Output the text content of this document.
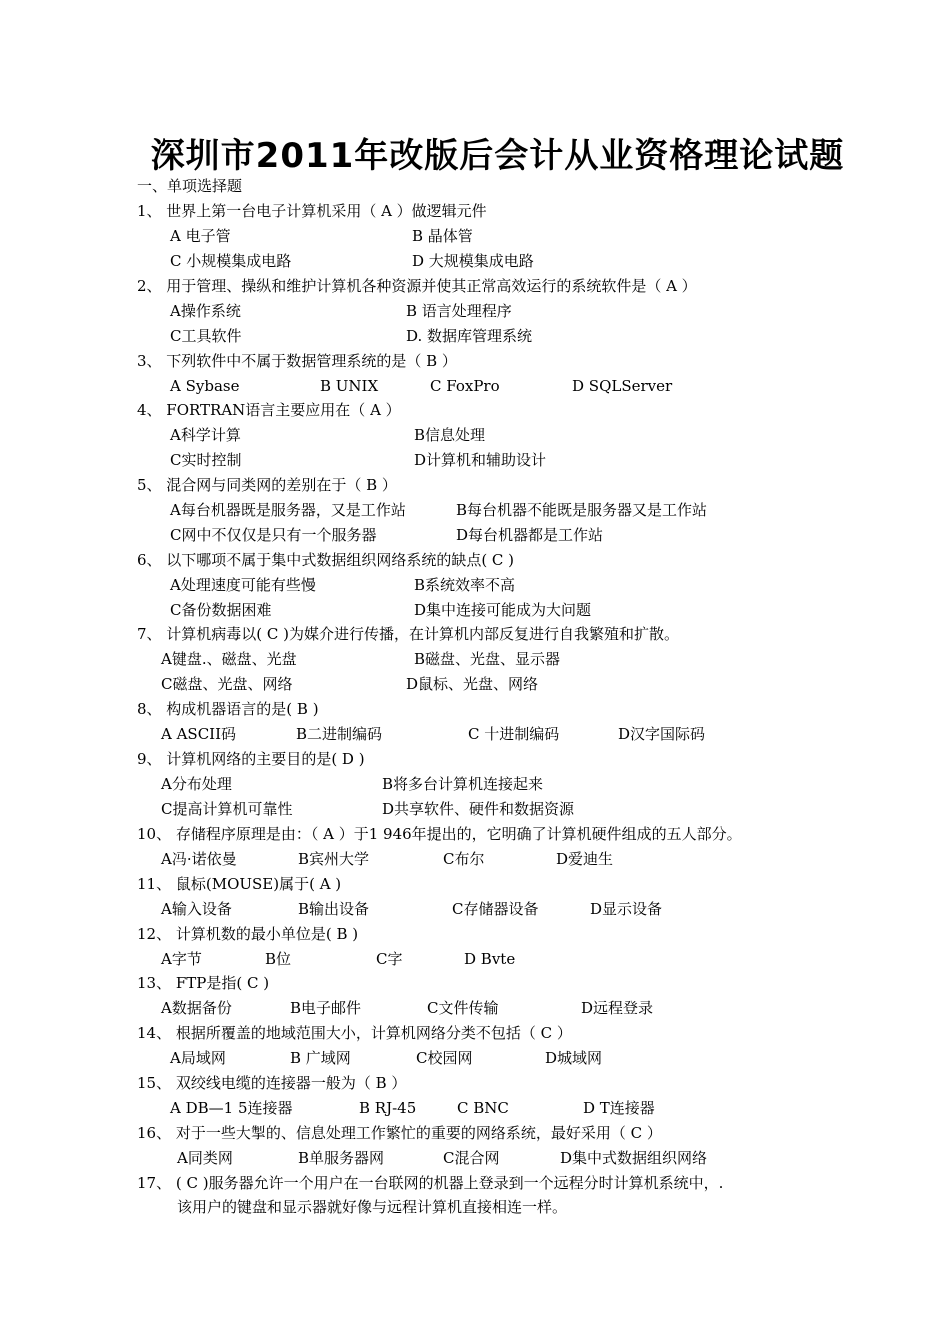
深圳市2011年改版后会计从业资格理论试题
一、单项选择题
1、 世界上第一台电子计算机采用（ A ）做逻辑元件
A 电子管	B 晶体管
C 小规模集成电路	D 大规模集成电路
2、 用于管理、操纵和维护计算机各种资源并使其正常高效运行的系统软件是（ A ）
A操作系统	B 语言处理程序
C工具软件	D. 数据库管理系统
3、 下列软件中不属于数据管理系统的是（ B ）
A Sybase	B UNIX	C FoxPro	D SQLServer
4、 FORTRAN语言主要应用在（ A ）
A科学计算	B信息处理
C实时控制	D计算机和辅助设计
5、 混合网与同类网的差别在于（ B ）
A每台机器既是服务器，又是工作站	B每台机器不能既是服务器又是工作站
C网中不仅仅是只有一个服务器	D每台机器都是工作站
6、 以下哪项不属于集中式数据组织网络系统的缺点( C )
A处理速度可能有些慢	B系统效率不高
C备份数据困难	D集中连接可能成为大问题
7、 计算机病毒以( C )为媒介进行传播，在计算机内部反复进行自我繁殖和扩散。
A键盘.、磁盘、光盘	B磁盘、光盘、显示器
C磁盘、光盘、网络	D鼠标、光盘、网络
8、 构成机器语言的是( B )
A ASCII码	B二进制编码	C 十进制编码	D汉字国际码
9、 计算机网络的主要目的是( D )
A分布处理	B将多台计算机连接起来
C提高计算机可靠性	D共享软件、硬件和数据资源
10、 存储程序原理是由：（ A ）于1 946年提出的，它明确了计算机硬件组成的五人部分。
A冯·诺依曼	B宾州大学	C布尔	D爱迪生
11、 鼠标(MOUSE)属于( A )
A输入设备	B输出设备	C存储器设备	D显示设备
12、 计算机数的最小单位是( B )
A字节	B位	C字	D Bvte
13、 FTP是指( C )
A数据备份	B电子邮件	C文件传输	D远程登录
14、 根据所覆盖的地域范围大小，计算机网络分类不包括（ C ）
A局域网	B 广域网	C校园网	D城域网
15、 双绞线电缆的连接器一般为（ B ）
A DB—1 5连接器	B RJ-45	C BNC	D T连接器
16、 对于一些大掣的、信息处理工作繁忙的重要的网络系统，最好采用（ C ）
A同类网	B单服务器网	C混合网	D集中式数据组织网络
17、 ( C )服务器允许一个用户在一台联网的机器上登录到一个远程分时计算机系统中，.
该用户的键盘和显示器就好像与远程计算机直接相连一样。
